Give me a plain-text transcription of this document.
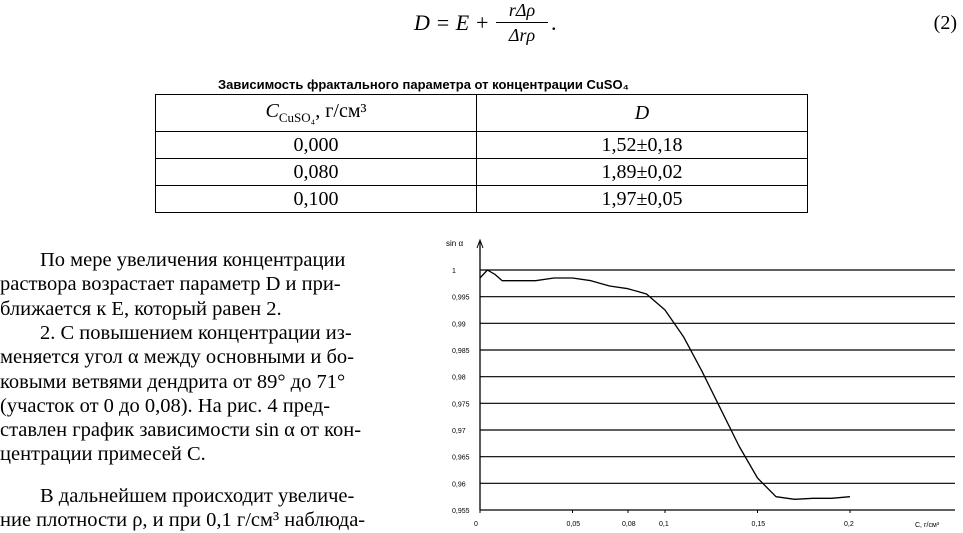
D = E +	rΔρ
Δrρ .	(2)
Зависимость фрактального параметра от концентрации CuSO₄
$C_{CuSO_4}$, г/см³	D
0,000	1,52±0,18
0,080	1,89±0,02
0,100	1,97±0,05
По мере увеличения концентрации
раствора возрастает параметр D и при-
ближается к E, который равен 2.
2. С повышением концентрации из-
меняется угол α между основными и бо-
ковыми ветвями дендрита от 89° до 71°
(участок от 0 до 0,08). На рис. 4 пред-
ставлен график зависимости sin α от кон-
центрации примесей C.
В дальнейшем происходит увеличе-
ние плотности ρ, и при 0,1 г/см³ наблюда-
1
0,995
0,99
0,985
0,98
0,975
0,97
0,965
0,96
0,955
sin α
0	0,05	0,08	0,1	0,15	0,2	C, г/см³
